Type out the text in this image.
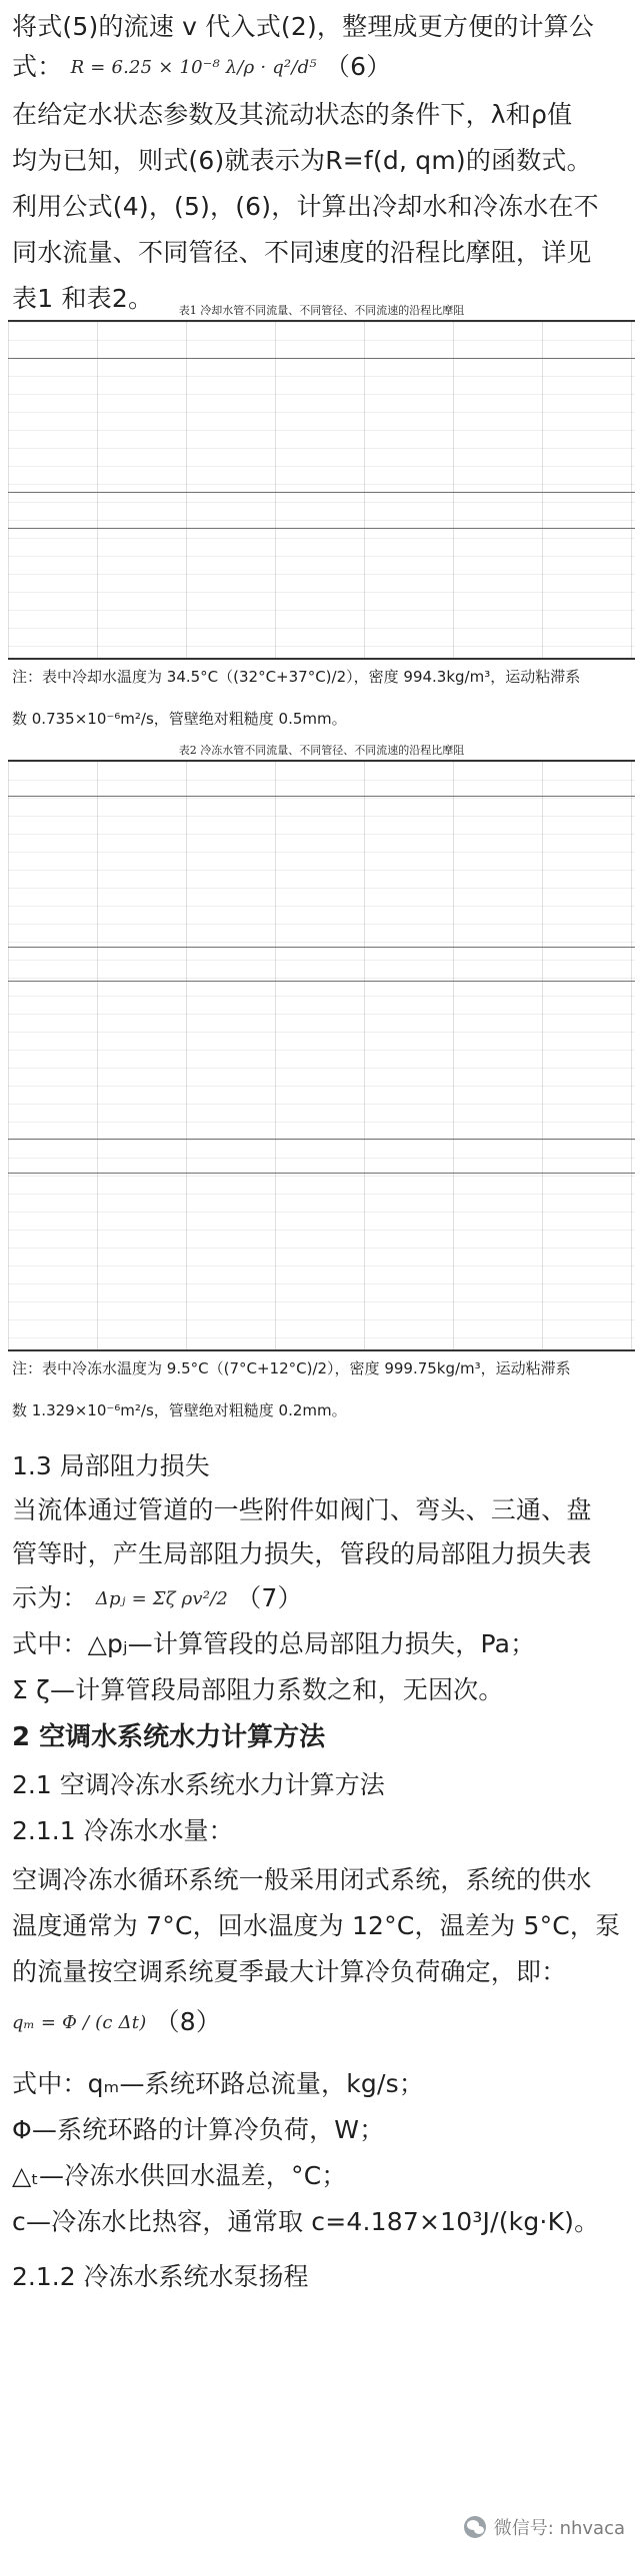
将式(5)的流速 v 代入式(2)，整理成更方便的计算公
式： R = 6.25 × 10⁻⁸ λ/ρ · q²/d⁵ （6）
在给定水状态参数及其流动状态的条件下，λ和ρ值
均为已知，则式(6)就表示为R=f(d, qm)的函数式。
利用公式(4)，(5)，(6)，计算出冷却水和冷冻水在不
同水流量、不同管径、不同速度的沿程比摩阻，详见
表1 和表2。	表1 冷却水管不同流量、不同管径、不同流速的沿程比摩阻
注：表中冷却水温度为 34.5°C（(32°C+37°C)/2），密度 994.3kg/m³，运动粘滞系
数 0.735×10⁻⁶m²/s，管壁绝对粗糙度 0.5mm。
表2 冷冻水管不同流量、不同管径、不同流速的沿程比摩阻
注：表中冷冻水温度为 9.5°C（(7°C+12°C)/2），密度 999.75kg/m³，运动粘滞系
数 1.329×10⁻⁶m²/s，管壁绝对粗糙度 0.2mm。
1.3 局部阻力损失
当流体通过管道的一些附件如阀门、弯头、三通、盘
管等时，产生局部阻力损失，管段的局部阻力损失表
示为： Δpⱼ = Σζ ρv²/2 （7）
式中：△pⱼ—计算管段的总局部阻力损失，Pa；
Σ ζ—计算管段局部阻力系数之和，无因次。
2 空调水系统水力计算方法
2.1 空调冷冻水系统水力计算方法
2.1.1 冷冻水水量：
空调冷冻水循环系统一般采用闭式系统，系统的供水
温度通常为 7°C，回水温度为 12°C，温差为 5°C，泵
的流量按空调系统夏季最大计算冷负荷确定，即：
qₘ = Φ / (c Δt) （8）
式中：qₘ—系统环路总流量，kg/s；
Φ—系统环路的计算冷负荷，W；
△ₜ—冷冻水供回水温差，°C；
c—冷冻水比热容，通常取 c=4.187×10³J/(kg·K)。
2.1.2 冷冻水系统水泵扬程
微信号: nhvaca
